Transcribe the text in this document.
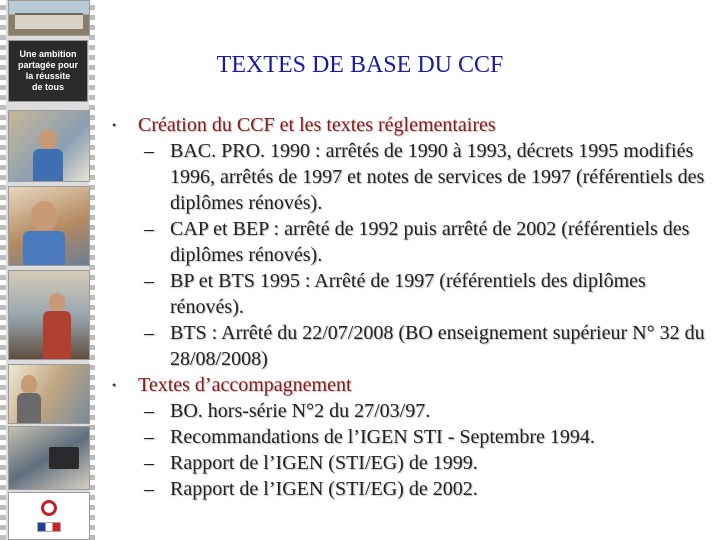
Une ambition
partagée pour
la réussite
de tous
TEXTES DE BASE DU CCF
• Création du CCF et les textes réglementaires
– BAC. PRO. 1990 : arrêtés de 1990 à 1993, décrets 1995 modifiés 1996, arrêtés de 1997 et notes de services de 1997 (référentiels des diplômes rénovés).
– CAP et BEP : arrêté de 1992 puis arrêté de 2002 (référentiels des diplômes rénovés).
– BP et BTS 1995 : Arrêté de 1997 (référentiels des diplômes rénovés).
– BTS : Arrêté du 22/07/2008 (BO enseignement supérieur N° 32 du 28/08/2008)
• Textes d’accompagnement
– BO. hors-série N°2 du 27/03/97.
– Recommandations de l’IGEN STI - Septembre 1994.
– Rapport de l’IGEN (STI/EG) de 1999.
– Rapport de l’IGEN (STI/EG) de 2002.
